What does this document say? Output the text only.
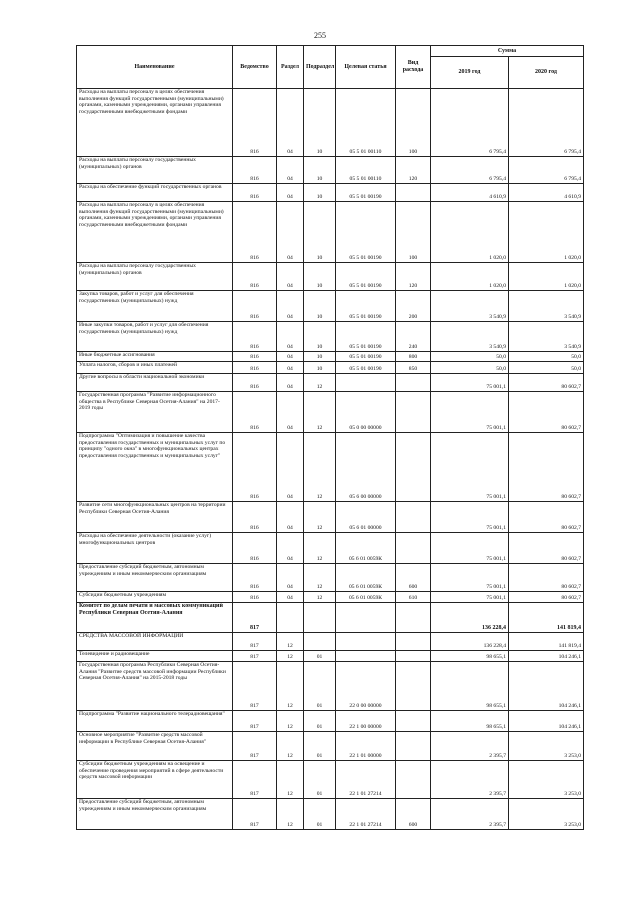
255
Наименование	Ведомство	Раздел	Подраздел	Целевая статья	Вид расхода	Сумма	
						2019 год	2020 год
Расходы на выплаты персоналу в целях обеспечения выполнения функций государственными (муниципальными) органами, казенными учреждениями, органами управления государственными внебюджетными фондами	816	04	10	05 5 01 00110	100	6 795,4	6 795,4
Расходы на выплаты персоналу государственных (муниципальных) органов	816	04	10	05 5 01 00110	120	6 795,4	6 795,4
Расходы на обеспечение функций государственных органов	816	04	10	05 5 01 00190		4 610,9	4 610,9
Расходы на выплаты персоналу в целях обеспечения выполнения функций государственными (муниципальными) органами, казенными учреждениями, органами управления государственными внебюджетными фондами	816	04	10	05 5 01 00190	100	1 020,0	1 020,0
Расходы на выплаты персоналу государственных (муниципальных) органов	816	04	10	05 5 01 00190	120	1 020,0	1 020,0
Закупка товаров, работ и услуг для обеспечения государственных (муниципальных) нужд	816	04	10	05 5 01 00190	200	3 540,9	3 540,9
Иные закупки товаров, работ и услуг для обеспечения государственных (муниципальных) нужд	816	04	10	05 5 01 00190	240	3 540,9	3 540,9
Иные бюджетные ассигнования	816	04	10	05 5 01 00190	800	50,0	50,0
Уплата налогов, сборов и иных платежей	816	04	10	05 5 01 00190	850	50,0	50,0
Другие вопросы в области национальной экономики	816	04	12			75 001,1	80 602,7
Государственная программа "Развитие информационного общества в Республике Северная Осетия-Алания" на 2017-2019 годы	816	04	12	05 0 00 00000		75 001,1	80 602,7
Подпрограмма "Оптимизация и повышение качества предоставления государственных и муниципальных услуг по принципу "одного окна" в многофункциональных центрах предоставления государственных и муниципальных услуг"	816	04	12	05 6 00 00000		75 001,1	80 602,7
Развитие сети многофункциональных центров на территории Республики Северная Осетия-Алания	816	04	12	05 6 01 00000		75 001,1	80 602,7
Расходы на обеспечение деятельности (оказание услуг) многофункциональных центров	816	04	12	05 6 01 0059К		75 001,1	80 602,7
Предоставление субсидий бюджетным, автономным учреждениям и иным некоммерческим организациям	816	04	12	05 6 01 0059К	600	75 001,1	80 602,7
Субсидии бюджетным учреждениям	816	04	12	05 6 01 0059К	610	75 001,1	80 602,7
Комитет по делам печати и массовых коммуникаций Республики Северная Осетия-Алания	817					136 228,4	141 819,4
СРЕДСТВА МАССОВОЙ ИНФОРМАЦИИ	817	12				136 228,4	141 819,4
Телевидение и радиовещание	817	12	01			98 655,1	104 246,1
Государственная программа Республики Северная Осетия-Алания "Развитие средств массовой информации Республики Северная Осетия-Алания" на 2015-2018 годы	817	12	01	22 0 00 00000		98 655,1	104 246,1
Подпрограмма "Развитие национального телерадиовещания"	817	12	01	22 1 00 00000		98 655,1	104 246,1
Основное мероприятие "Развитие средств массовой информации в Республике Северная Осетия-Алания"	817	12	01	22 1 01 00000		2 395,7	3 253,0
Субсидии бюджетным учреждениям на освещение и обеспечение проведения мероприятий в сфере деятельности средств массовой информации	817	12	01	22 1 01 27214		2 395,7	3 253,0
Предоставление субсидий бюджетным, автономным учреждениям и иным некоммерческим организациям	817	12	01	22 1 01 27214	600	2 395,7	3 253,0
